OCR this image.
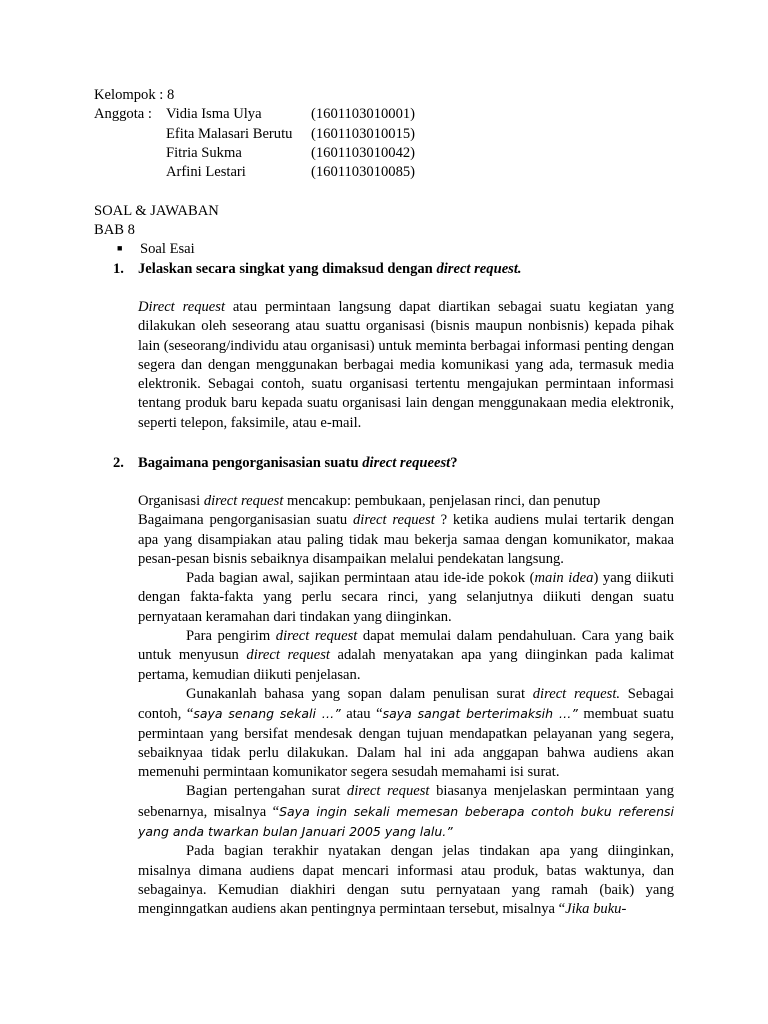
Kelompok : 8
Anggota : Vidia Isma Ulya	(1601103010001)
Efita Malasari Berutu (1601103010015)
Fitria Sukma	(1601103010042)
Arfini Lestari	(1601103010085)
SOAL & JAWABAN
BAB 8
■ Soal Esai
1. Jelaskan secara singkat yang dimaksud dengan direct request.

Direct request atau permintaan langsung dapat diartikan sebagai suatu kegiatan yang dilakukan oleh seseorang atau suattu organisasi (bisnis maupun nonbisnis) kepada pihak lain (seseorang/individu atau organisasi) untuk meminta berbagai informasi penting dengan segera dan dengan menggunakan berbagai media komunikasi yang ada, termasuk media elektronik. Sebagai contoh, suatu organisasi tertentu mengajukan permintaan informasi tentang produk baru kepada suatu organisasi lain dengan menggunakaan media elektronik, seperti telepon, faksimile, atau e-mail.

2. Bagaimana pengorganisasian suatu direct requeest?

Organisasi direct request mencakup: pembukaan, penjelasan rinci, dan penutup

Bagaimana pengorganisasian suatu direct request ? ketika audiens mulai tertarik dengan apa yang disampiakan atau paling tidak mau bekerja samaa dengan komunikator, makaa pesan-pesan bisnis sebaiknya disampaikan melalui pendekatan langsung.

Pada bagian awal, sajikan permintaan atau ide-ide pokok (main idea) yang diikuti dengan fakta-fakta yang perlu secara rinci, yang selanjutnya diikuti dengan suatu pernyataan keramahan dari tindakan yang diinginkan.

Para pengirim direct request dapat memulai dalam pendahuluan. Cara yang baik untuk menyusun direct request adalah menyatakan apa yang diinginkan pada kalimat pertama, kemudian diikuti penjelasan.

Gunakanlah bahasa yang sopan dalam penulisan surat direct request. Sebagai contoh, “saya senang sekali …” atau “saya sangat berterimaksih …” membuat suatu permintaan yang bersifat mendesak dengan tujuan mendapatkan pelayanan yang segera, sebaiknyaa tidak perlu dilakukan. Dalam hal ini ada anggapan bahwa audiens akan memenuhi permintaan komunikator segera sesudah memahami isi surat.

Bagian pertengahan surat direct request biasanya menjelaskan permintaan yang sebenarnya, misalnya “Saya ingin sekali memesan beberapa contoh buku referensi yang anda twarkan bulan Januari 2005 yang lalu.”

Pada bagian terakhir nyatakan dengan jelas tindakan apa yang diinginkan, misalnya dimana audiens dapat mencari informasi atau produk, batas waktunya, dan sebagainya. Kemudian diakhiri dengan sutu pernyataan yang ramah (baik) yang menginngatkan audiens akan pentingnya permintaan tersebut, misalnya “Jika buku-
